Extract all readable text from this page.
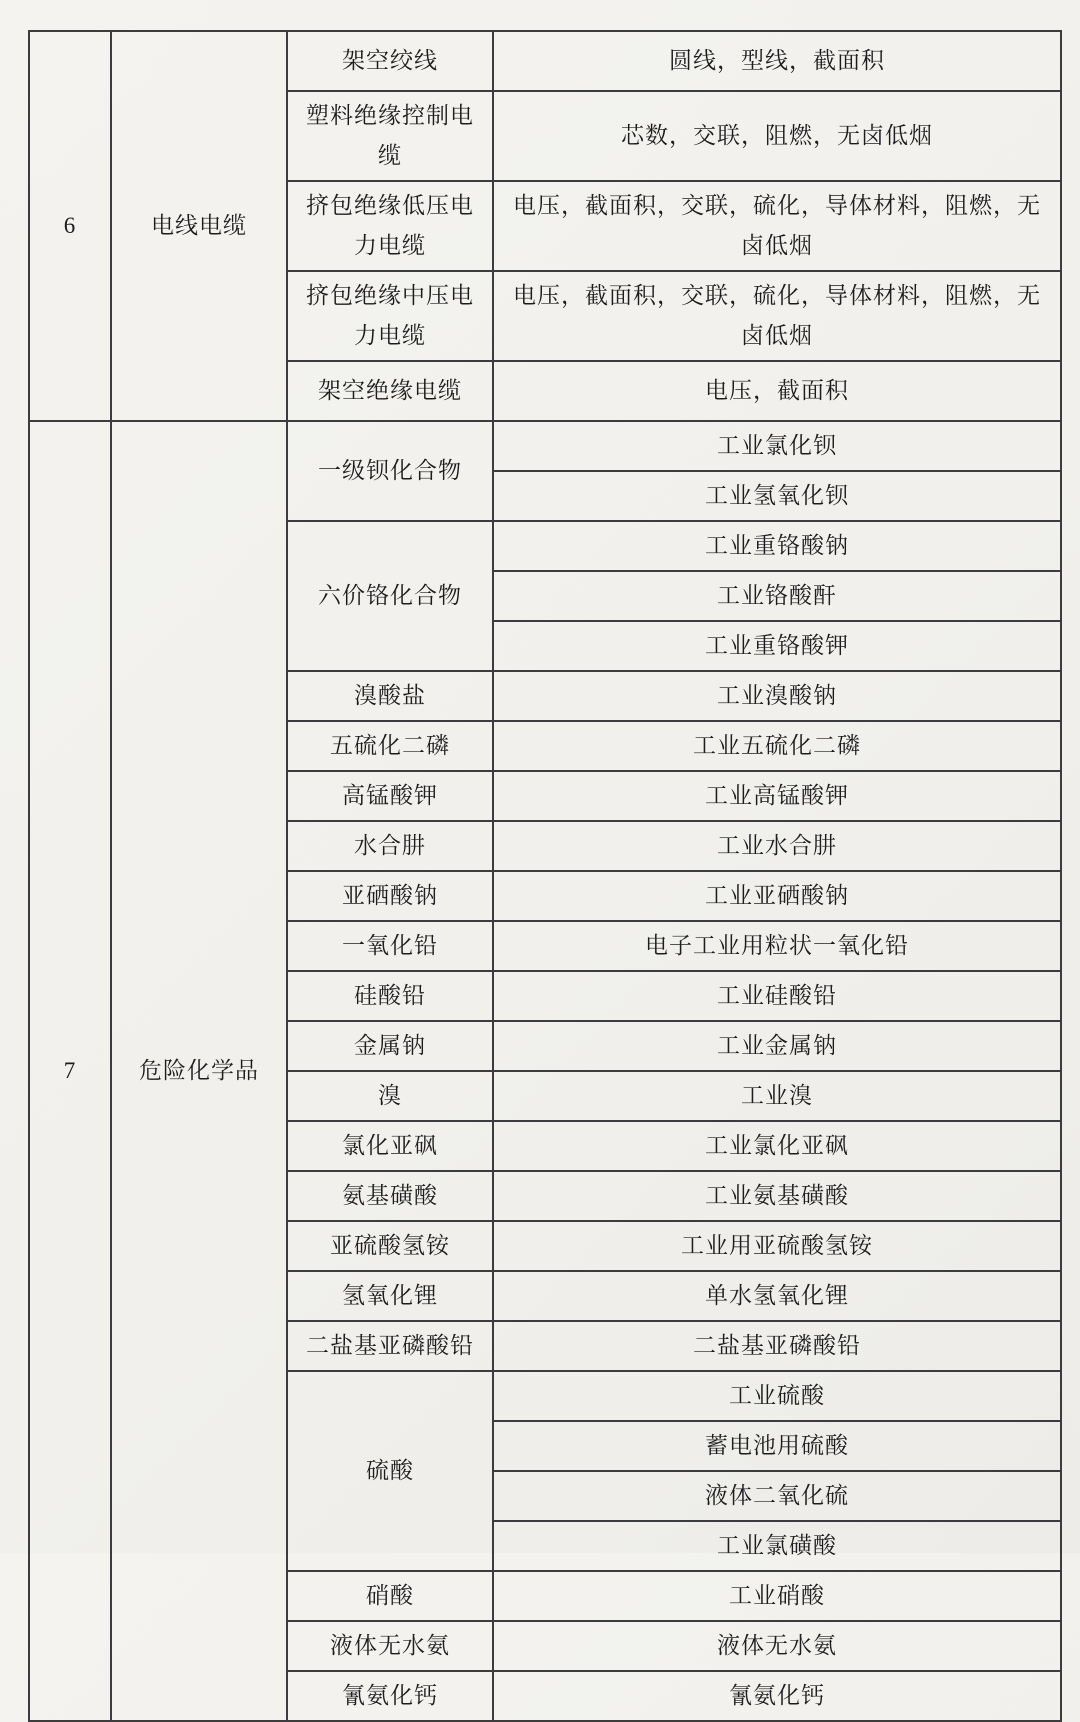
6	电线电缆	架空绞线	圆线，型线，截面积
		塑料绝缘控制电缆	芯数，交联，阻燃，无卤低烟
		挤包绝缘低压电力电缆	电压，截面积，交联，硫化，导体材料，阻燃，无卤低烟
		挤包绝缘中压电力电缆	电压，截面积，交联，硫化，导体材料，阻燃，无卤低烟
		架空绝缘电缆	电压，截面积
7	危险化学品	一级钡化合物	工业氯化钡
			工业氢氧化钡
		六价铬化合物	工业重铬酸钠
			工业铬酸酐
			工业重铬酸钾
		溴酸盐	工业溴酸钠
		五硫化二磷	工业五硫化二磷
		高锰酸钾	工业高锰酸钾
		水合肼	工业水合肼
		亚硒酸钠	工业亚硒酸钠
		一氧化铅	电子工业用粒状一氧化铅
		硅酸铅	工业硅酸铅
		金属钠	工业金属钠
		溴	工业溴
		氯化亚砜	工业氯化亚砜
		氨基磺酸	工业氨基磺酸
		亚硫酸氢铵	工业用亚硫酸氢铵
		氢氧化锂	单水氢氧化锂
		二盐基亚磷酸铅	二盐基亚磷酸铅
		硫酸	工业硫酸
			蓄电池用硫酸
			液体二氧化硫
			工业氯磺酸
		硝酸	工业硝酸
		液体无水氨	液体无水氨
		氰氨化钙	氰氨化钙
